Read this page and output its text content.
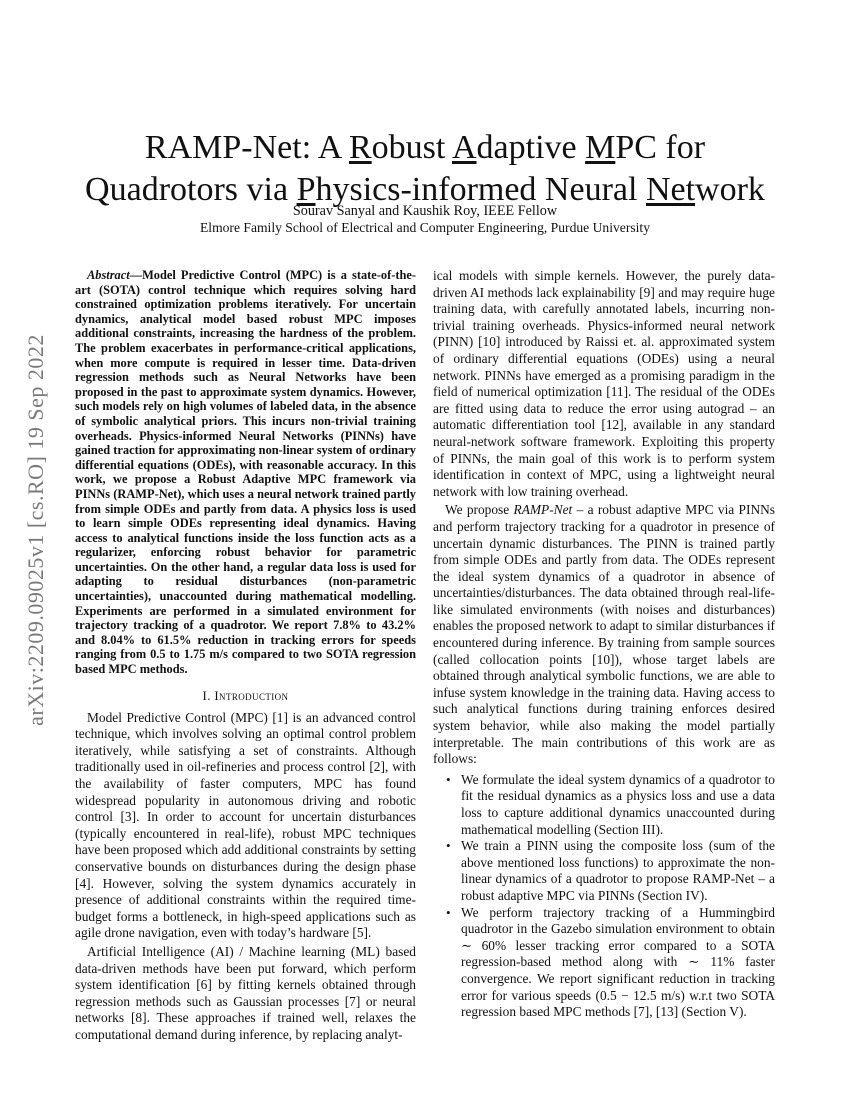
arXiv:2209.09025v1 [cs.RO] 19 Sep 2022
RAMP-Net: A Robust Adaptive MPC for
Quadrotors via Physics-informed Neural Network
Sourav Sanyal and Kaushik Roy, IEEE Fellow
Elmore Family School of Electrical and Computer Engineering, Purdue University

Abstract—Model Predictive Control (MPC) is a state-of-the-art (SOTA) control technique which requires solving hard constrained optimization problems iteratively. For uncertain dynamics, analytical model based robust MPC imposes additional constraints, increasing the hardness of the problem. The problem exacerbates in performance-critical applications, when more compute is required in lesser time. Data-driven regression methods such as Neural Networks have been proposed in the past to approximate system dynamics. However, such models rely on high volumes of labeled data, in the absence of symbolic analytical priors. This incurs non-trivial training overheads. Physics-informed Neural Networks (PINNs) have gained traction for approximating non-linear system of ordinary differential equations (ODEs), with reasonable accuracy. In this work, we propose a Robust Adaptive MPC framework via PINNs (RAMP-Net), which uses a neural network trained partly from simple ODEs and partly from data. A physics loss is used to learn simple ODEs representing ideal dynamics. Having access to analytical functions inside the loss function acts as a regularizer, enforcing robust behavior for parametric uncertainties. On the other hand, a regular data loss is used for adapting to residual disturbances (non-parametric uncertainties), unaccounted during mathematical modelling. Experiments are performed in a simulated environment for trajectory tracking of a quadrotor. We report 7.8% to 43.2% and 8.04% to 61.5% reduction in tracking errors for speeds ranging from 0.5 to 1.75 m/s compared to two SOTA regression based MPC methods.

I. Introduction

Model Predictive Control (MPC) [1] is an advanced control technique, which involves solving an optimal control problem iteratively, while satisfying a set of constraints. Although traditionally used in oil-refineries and process control [2], with the availability of faster computers, MPC has found widespread popularity in autonomous driving and robotic control [3]. In order to account for uncertain disturbances (typically encountered in real-life), robust MPC techniques have been proposed which add additional constraints by setting conservative bounds on disturbances during the design phase [4]. However, solving the system dynamics accurately in presence of additional constraints within the required time-budget forms a bottleneck, in high-speed applications such as agile drone navigation, even with today’s hardware [5].

Artificial Intelligence (AI) / Machine learning (ML) based data-driven methods have been put forward, which perform system identification [6] by fitting kernels obtained through regression methods such as Gaussian processes [7] or neural networks [8]. These approaches if trained well, relaxes the computational demand during inference, by replacing analyt-

ical models with simple kernels. However, the purely data-driven AI methods lack explainability [9] and may require huge training data, with carefully annotated labels, incurring non-trivial training overheads. Physics-informed neural network (PINN) [10] introduced by Raissi et. al. approximated system of ordinary differential equations (ODEs) using a neural network. PINNs have emerged as a promising paradigm in the field of numerical optimization [11]. The residual of the ODEs are fitted using data to reduce the error using autograd – an automatic differentiation tool [12], available in any standard neural-network software framework. Exploiting this property of PINNs, the main goal of this work is to perform system identification in context of MPC, using a lightweight neural network with low training overhead.

We propose RAMP-Net – a robust adaptive MPC via PINNs and perform trajectory tracking for a quadrotor in presence of uncertain dynamic disturbances. The PINN is trained partly from simple ODEs and partly from data. The ODEs represent the ideal system dynamics of a quadrotor in absence of uncertainties/disturbances. The data obtained through real-life-like simulated environments (with noises and disturbances) enables the proposed network to adapt to similar disturbances if encountered during inference. By training from sample sources (called collocation points [10]), whose target labels are obtained through analytical symbolic functions, we are able to infuse system knowledge in the training data. Having access to such analytical functions during training enforces desired system behavior, while also making the model partially interpretable. The main contributions of this work are as follows:

• We formulate the ideal system dynamics of a quadrotor to fit the residual dynamics as a physics loss and use a data loss to capture additional dynamics unaccounted during mathematical modelling (Section III).
• We train a PINN using the composite loss (sum of the above mentioned loss functions) to approximate the non-linear dynamics of a quadrotor to propose RAMP-Net – a robust adaptive MPC via PINNs (Section IV).
• We perform trajectory tracking of a Hummingbird quadrotor in the Gazebo simulation environment to obtain ∼ 60% lesser tracking error compared to a SOTA regression-based method along with ∼ 11% faster convergence. We report significant reduction in tracking error for various speeds (0.5 − 12.5 m/s) w.r.t two SOTA regression based MPC methods [7], [13] (Section V).
